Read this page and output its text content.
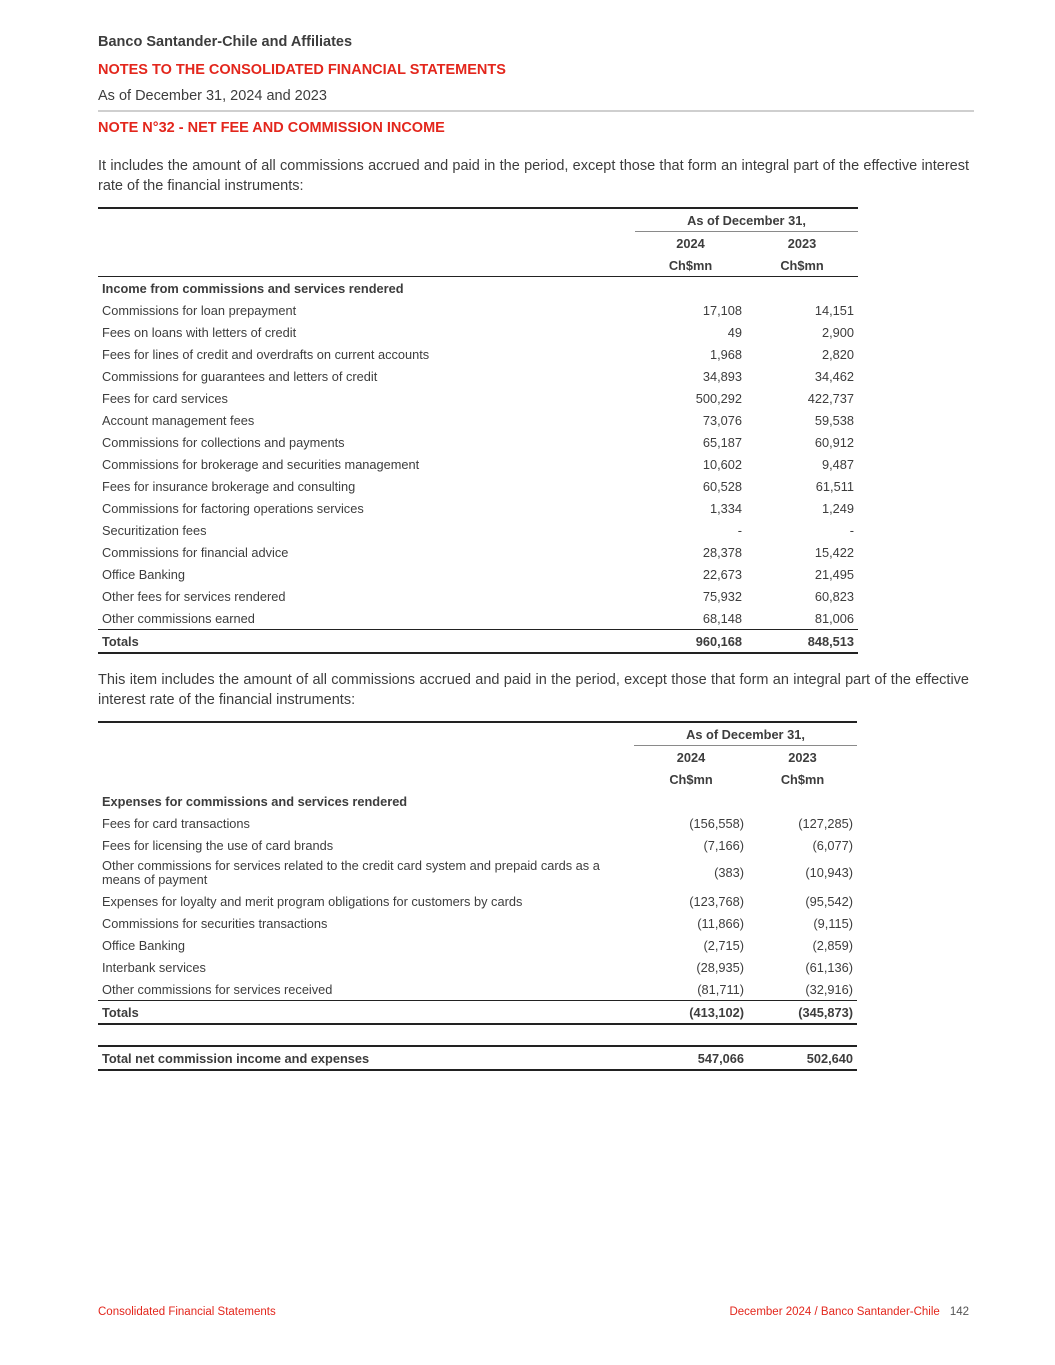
Banco Santander-Chile and Affiliates
NOTES TO THE CONSOLIDATED FINANCIAL STATEMENTS
As of December 31, 2024 and 2023
NOTE N°32 - NET FEE AND COMMISSION INCOME
It includes the amount of all commissions accrued and paid in the period, except those that form an integral part of the effective interest rate of the financial instruments:
	As of December 31,	
	2024	2023
	Ch$mn	Ch$mn
Income from commissions and services rendered		
Commissions for loan prepayment	17,108	14,151
Fees on loans with letters of credit	49	2,900
Fees for lines of credit and overdrafts on current accounts	1,968	2,820
Commissions for guarantees and letters of credit	34,893	34,462
Fees for card services	500,292	422,737
Account management fees	73,076	59,538
Commissions for collections and payments	65,187	60,912
Commissions for brokerage and securities management	10,602	9,487
Fees for insurance brokerage and consulting	60,528	61,511
Commissions for factoring operations services	1,334	1,249
Securitization fees	-	-
Commissions for financial advice	28,378	15,422
Office Banking	22,673	21,495
Other fees for services rendered	75,932	60,823
Other commissions earned	68,148	81,006
Totals	960,168	848,513
This item includes the amount of all commissions accrued and paid in the period, except those that form an integral part of the effective interest rate of the financial instruments:
	As of December 31,	
	2024	2023
	Ch$mn	Ch$mn
Expenses for commissions and services rendered		
Fees for card transactions	(156,558)	(127,285)
Fees for licensing the use of card brands	(7,166)	(6,077)
Other commissions for services related to the credit card system and prepaid cards as a means of payment	(383)	(10,943)
Expenses for loyalty and merit program obligations for customers by cards	(123,768)	(95,542)
Commissions for securities transactions	(11,866)	(9,115)
Office Banking	(2,715)	(2,859)
Interbank services	(28,935)	(61,136)
Other commissions for services received	(81,711)	(32,916)
Totals	(413,102)	(345,873)

Total net commission income and expenses	547,066	502,640
Consolidated Financial Statements	December 2024 / Banco Santander-Chile 142
